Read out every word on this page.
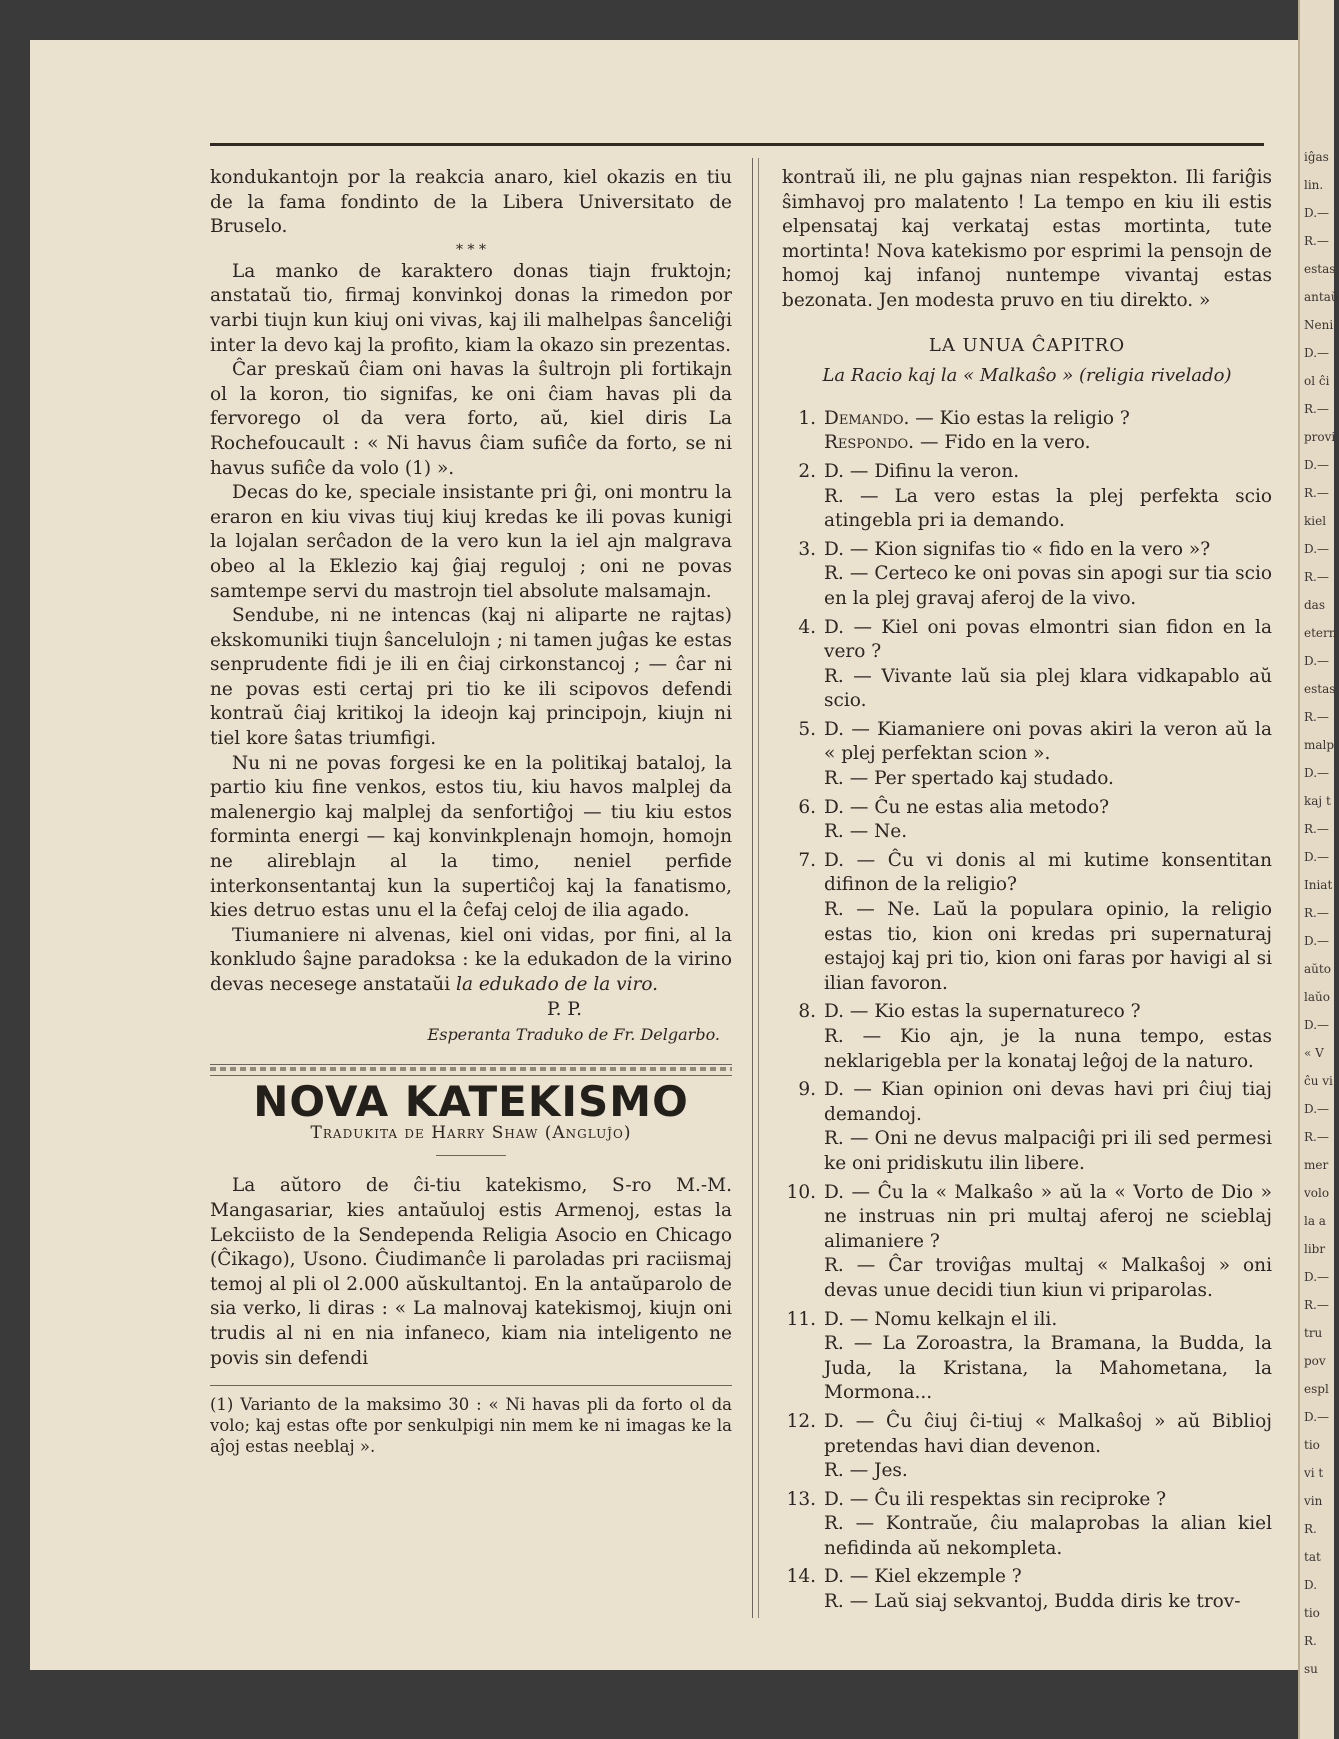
kondukantojn por la reakcia anaro, kiel okazis en tiu de la fama fondinto de la Libera Universitato de Bruselo.

* * *

La manko de karaktero donas tiajn fruktojn; anstataŭ tio, firmaj konvinkoj donas la rimedon por varbi tiujn kun kiuj oni vivas, kaj ili malhelpas ŝanceliĝi inter la devo kaj la profito, kiam la okazo sin prezentas.

Ĉar preskaŭ ĉiam oni havas la ŝultrojn pli fortikajn ol la koron, tio signifas, ke oni ĉiam havas pli da fervorego ol da vera forto, aŭ, kiel diris La Rochefoucault : « Ni havus ĉiam sufiĉe da forto, se ni havus sufiĉe da volo (1) ».

Decas do ke, speciale insistante pri ĝi, oni montru la eraron en kiu vivas tiuj kiuj kredas ke ili povas kunigi la lojalan serĉadon de la vero kun la iel ajn malgrava obeo al la Eklezio kaj ĝiaj reguloj ; oni ne povas samtempe servi du mastrojn tiel absolute malsamajn.

Sendube, ni ne intencas (kaj ni aliparte ne rajtas) ekskomuniki tiujn ŝancelulojn ; ni tamen juĝas ke estas senprudente fidi je ili en ĉiaj cirkonstancoj ; — ĉar ni ne povas esti certaj pri tio ke ili scipovos defendi kontraŭ ĉiaj kritikoj la ideojn kaj principojn, kiujn ni tiel kore ŝatas triumfigi.

Nu ni ne povas forgesi ke en la politikaj bataloj, la partio kiu fine venkos, estos tiu, kiu havos malplej da malenergio kaj malplej da senfortiĝoj — tiu kiu estos forminta energi — kaj konvinkplenajn homojn, homojn ne alireblajn al la timo, neniel perfide interkonsentantaj kun la supertiĉoj kaj la fanatismo, kies detruo estas unu el la ĉefaj celoj de ilia agado.

Tiumaniere ni alvenas, kiel oni vidas, por fini, al la konkludo ŝajne paradoksa : ke la edukadon de la virino devas necesege anstataŭi la edukado de la viro.

P. P.

Esperanta Traduko de Fr. Delgarbo.

NOVA KATEKISMO

Tradukita de Harry Shaw (Angluĵo)

La aŭtoro de ĉi-tiu katekismo, S-ro M.-M. Mangasariar, kies antaŭuloj estis Armenoj, estas la Lekciisto de la Sendependa Religia Asocio en Chicago (Ĉikago), Usono. Ĉiudimanĉe li paroladas pri raciismaj temoj al pli ol 2.000 aŭskultantoj. En la antaŭparolo de sia verko, li diras : « La malnovaj katekismoj, kiujn oni trudis al ni en nia infaneco, kiam nia inteligento ne povis sin defendi

(1) Varianto de la maksimo 30 : « Ni havas pli da forto ol da volo; kaj estas ofte por senkulpigi nin mem ke ni imagas ke la aĵoj estas neeblaj ».

kontraŭ ili, ne plu gajnas nian respekton. Ili fariĝis ŝimhavoj pro malatento ! La tempo en kiu ili estis elpensataj kaj verkataj estas mortinta, tute mortinta! Nova katekismo por esprimi la pensojn de homoj kaj infanoj nuntempe vivantaj estas bezonata. Jen modesta pruvo en tiu direkto. »

LA UNUA ĈAPITRO

La Racio kaj la « Malkaŝo » (religia rivelado)

1. Demando. — Kio estas la religio ?

Respondo. — Fido en la vero.

2. D. — Difinu la veron.

R. — La vero estas la plej perfekta scio atingebla pri ia demando.

3. D. — Kion signifas tio « fido en la vero »?

R. — Certeco ke oni povas sin apogi sur tia scio en la plej gravaj aferoj de la vivo.

4. D. — Kiel oni povas elmontri sian fidon en la vero ?

R. — Vivante laŭ sia plej klara vidkapablo aŭ scio.

5. D. — Kiamaniere oni povas akiri la veron aŭ la « plej perfektan scion ».

R. — Per spertado kaj studado.

6. D. — Ĉu ne estas alia metodo?

R. — Ne.

7. D. — Ĉu vi donis al mi kutime konsentitan difinon de la religio?

R. — Ne. Laŭ la populara opinio, la religio estas tio, kion oni kredas pri supernaturaj estajoj kaj pri tio, kion oni faras por havigi al si ilian favoron.

8. D. — Kio estas la supernatureco ?

R. — Kio ajn, je la nuna tempo, estas neklarigebla per la konataj leĝoj de la naturo.

9. D. — Kian opinion oni devas havi pri ĉiuj tiaj demandoj.

R. — Oni ne devus malpaciĝi pri ili sed permesi ke oni pridiskutu ilin libere.

10. D. — Ĉu la « Malkaŝo » aŭ la « Vorto de Dio » ne instruas nin pri multaj aferoj ne scieblaj alimaniere ?

R. — Ĉar troviĝas multaj « Malkaŝoj » oni devas unue decidi tiun kiun vi priparolas.

11. D. — Nomu kelkajn el ili.

R. — La Zoroastra, la Bramana, la Budda, la Juda, la Kristana, la Mahometana, la Mormona...

12. D. — Ĉu ĉiuj ĉi-tiuj « Malkaŝoj » aŭ Biblioj pretendas havi dian devenon.

R. — Jes.

13. D. — Ĉu ili respektas sin reciproke ?

R. — Kontraŭe, ĉiu malaprobas la alian kiel nefidinda aŭ nekompleta.

14. D. — Kiel ekzemple ?

R. — Laŭ siaj sekvantoj, Budda diris ke trov-

iĝas
lin.
D.—
R.—
estas
antaŭ
Neni
D.—
ol ĉi
R.—
provi
D.—
R.—
kiel
D.—
R.—
das
etern
D.—
estas
R.—
malp
D.—
kaj t
R.—
D.—
Iniat
R.—
D.—
aŭto
laŭo
D.—
« V
ĉu vi
D.—
R.—
mer
volo
la a
libr
D.—
R.—
tru
pov
espl
D.—
tio
vi t
vin
R.
tat
D.
tio
R.
su
